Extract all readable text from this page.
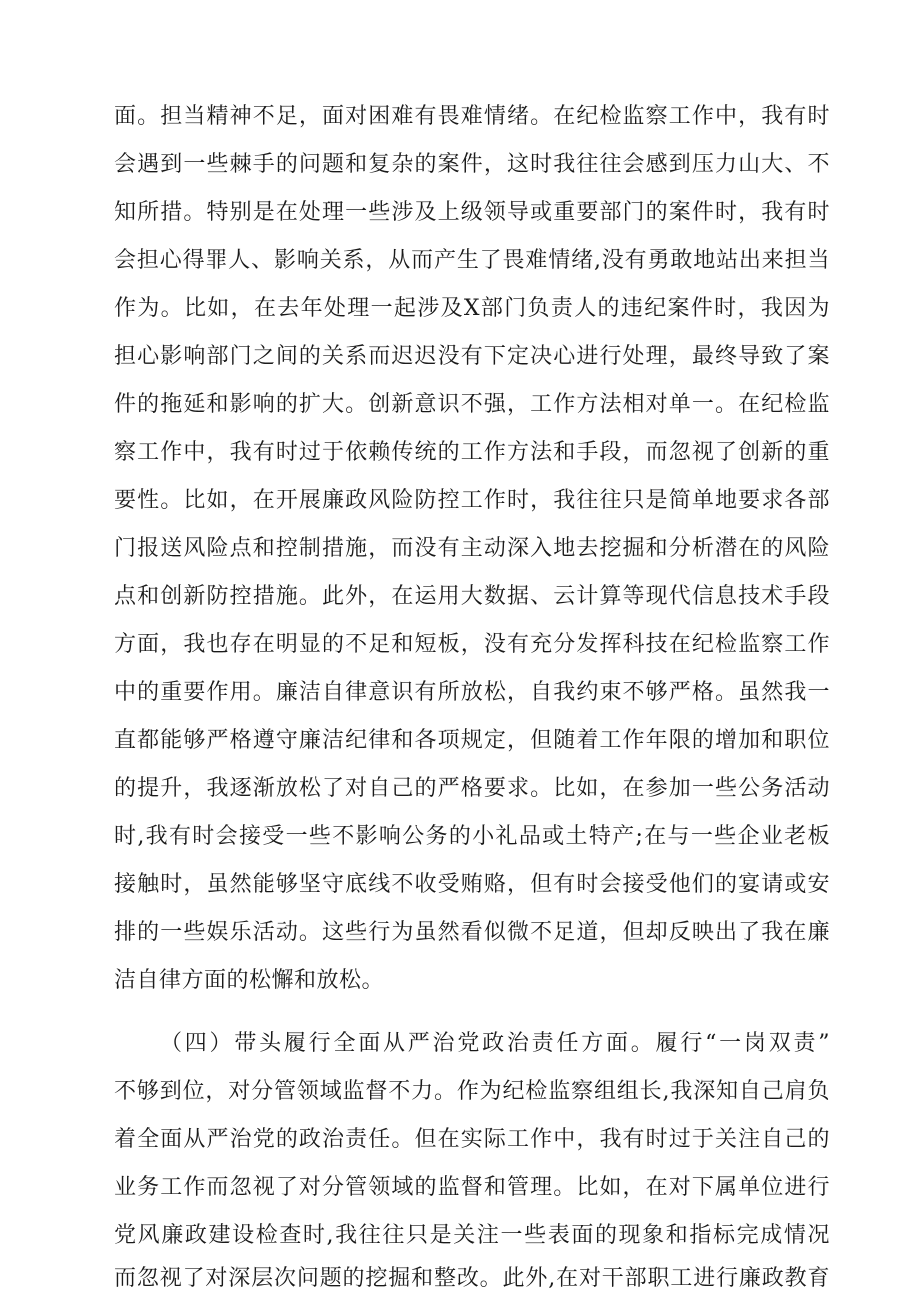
面。担当精神不足，面对困难有畏难情绪。在纪检监察工作中，我有时
会遇到一些棘手的问题和复杂的案件，这时我往往会感到压力山大、不
知所措。特别是在处理一些涉及上级领导或重要部门的案件时，我有时
会担心得罪人、影响关系，从而产生了畏难情绪,没有勇敢地站出来担当
作为。比如，在去年处理一起涉及X部门负责人的违纪案件时，我因为
担心影响部门之间的关系而迟迟没有下定决心进行处理，最终导致了案
件的拖延和影响的扩大。创新意识不强，工作方法相对单一。在纪检监
察工作中，我有时过于依赖传统的工作方法和手段，而忽视了创新的重
要性。比如，在开展廉政风险防控工作时，我往往只是简单地要求各部
门报送风险点和控制措施，而没有主动深入地去挖掘和分析潜在的风险
点和创新防控措施。此外，在运用大数据、云计算等现代信息技术手段
方面，我也存在明显的不足和短板，没有充分发挥科技在纪检监察工作
中的重要作用。廉洁自律意识有所放松，自我约束不够严格。虽然我一
直都能够严格遵守廉洁纪律和各项规定，但随着工作年限的增加和职位
的提升，我逐渐放松了对自己的严格要求。比如，在参加一些公务活动
时,我有时会接受一些不影响公务的小礼品或土特产;在与一些企业老板
接触时，虽然能够坚守底线不收受贿赂，但有时会接受他们的宴请或安
排的一些娱乐活动。这些行为虽然看似微不足道，但却反映出了我在廉
洁自律方面的松懈和放松。
（四）带头履行全面从严治党政治责任方面。履行“一岗双责”
不够到位，对分管领域监督不力。作为纪检监察组组长,我深知自己肩负
着全面从严治党的政治责任。但在实际工作中，我有时过于关注自己的
业务工作而忽视了对分管领域的监督和管理。比如，在对下属单位进行
党风廉政建设检查时,我往往只是关注一些表面的现象和指标完成情况
而忽视了对深层次问题的挖掘和整改。此外,在对干部职工进行廉政教育
